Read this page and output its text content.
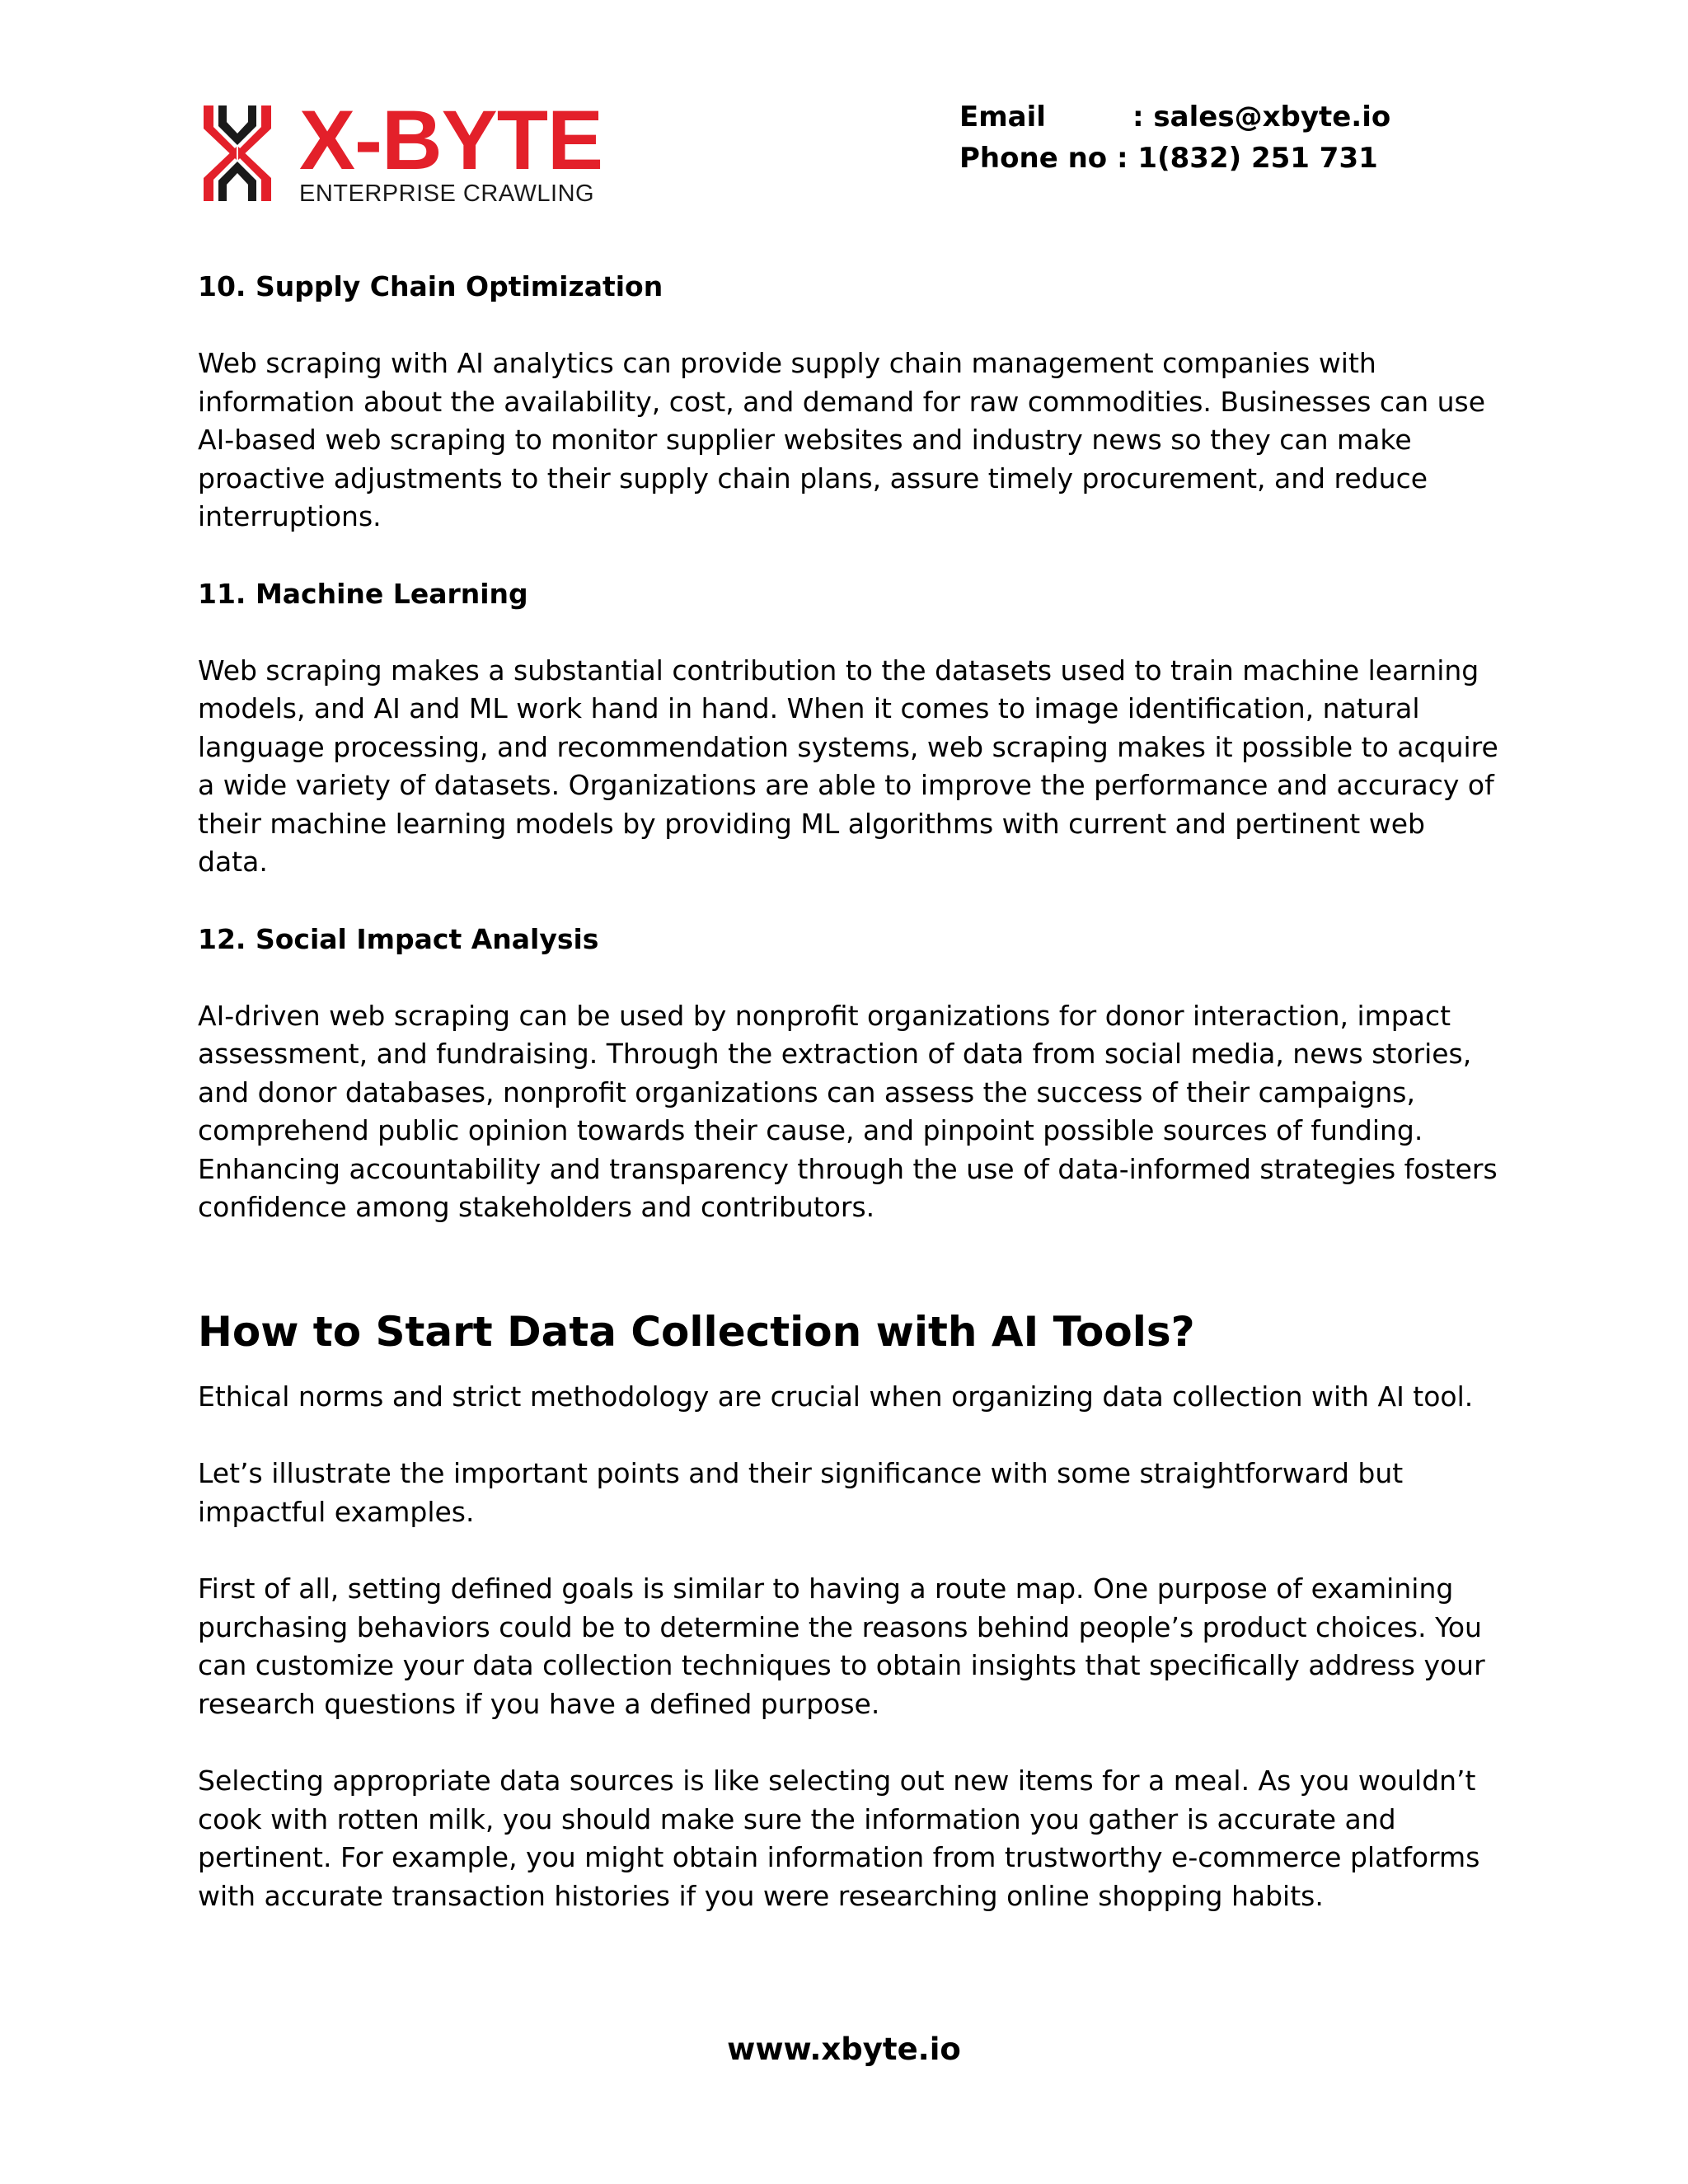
X-BYTE
ENTERPRISE CRAWLING
Email	: sales@xbyte.io
Phone no : 1(832) 251 731
10. Supply Chain Optimization

Web scraping with AI analytics can provide supply chain management companies with information about the availability, cost, and demand for raw commodities. Businesses can use AI-based web scraping to monitor supplier websites and industry news so they can make proactive adjustments to their supply chain plans, assure timely procurement, and reduce interruptions.

11. Machine Learning

Web scraping makes a substantial contribution to the datasets used to train machine learning models, and AI and ML work hand in hand. When it comes to image identification, natural language processing, and recommendation systems, web scraping makes it possible to acquire a wide variety of datasets. Organizations are able to improve the performance and accuracy of their machine learning models by providing ML algorithms with current and pertinent web data.

12. Social Impact Analysis

AI-driven web scraping can be used by nonprofit organizations for donor interaction, impact assessment, and fundraising. Through the extraction of data from social media, news stories, and donor databases, nonprofit organizations can assess the success of their campaigns, comprehend public opinion towards their cause, and pinpoint possible sources of funding. Enhancing accountability and transparency through the use of data-informed strategies fosters confidence among stakeholders and contributors.

How to Start Data Collection with AI Tools?

Ethical norms and strict methodology are crucial when organizing data collection with AI tool.

Let’s illustrate the important points and their significance with some straightforward but impactful examples.

First of all, setting defined goals is similar to having a route map. One purpose of examining purchasing behaviors could be to determine the reasons behind people’s product choices. You can customize your data collection techniques to obtain insights that specifically address your research questions if you have a defined purpose.

Selecting appropriate data sources is like selecting out new items for a meal. As you wouldn’t cook with rotten milk, you should make sure the information you gather is accurate and pertinent. For example, you might obtain information from trustworthy e-commerce platforms with accurate transaction histories if you were researching online shopping habits.

www.xbyte.io
